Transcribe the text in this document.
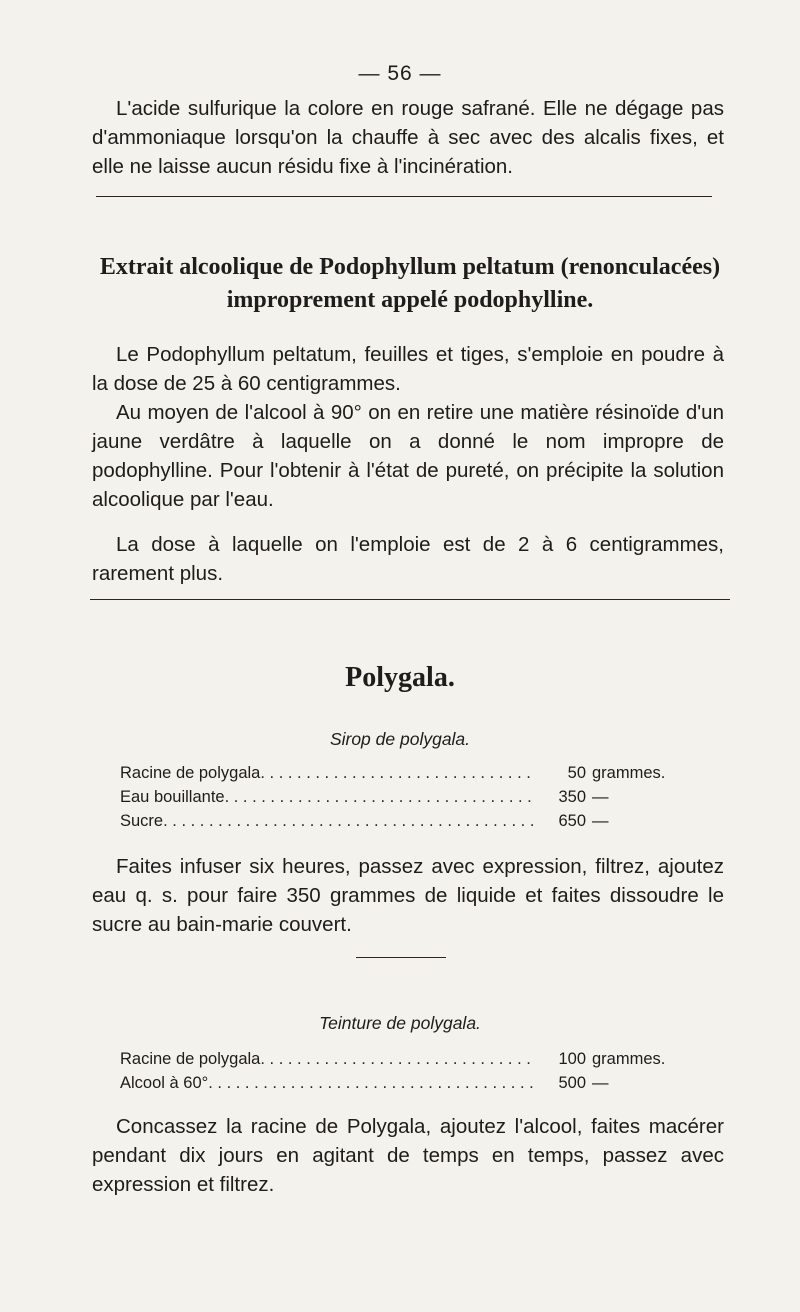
— 56 —
L'acide sulfurique la colore en rouge safrané. Elle ne dégage pas d'ammoniaque lorsqu'on la chauffe à sec avec des alcalis fixes, et elle ne laisse aucun résidu fixe à l'incinération.
Extrait alcoolique de Podophyllum peltatum (renonculacées)
improprement appelé podophylline.
Le Podophyllum peltatum, feuilles et tiges, s'emploie en poudre à la dose de 25 à 60 centigrammes.
Au moyen de l'alcool à 90° on en retire une matière résinoïde d'un jaune verdâtre à laquelle on a donné le nom impropre de podophylline. Pour l'obtenir à l'état de pureté, on précipite la solution alcoolique par l'eau.
La dose à laquelle on l'emploie est de 2 à 6 centigrammes, rarement plus.
Polygala.
Sirop de polygala.
Racine de polygala . . .	50 grammes.
Eau bouillante . . .	350 —
Sucre . . .	650 —
Faites infuser six heures, passez avec expression, filtrez, ajoutez eau q. s. pour faire 350 grammes de liquide et faites dissoudre le sucre au bain-marie couvert.
Teinture de polygala.
Racine de polygala . . .	100 grammes.
Alcool à 60° . . .	500 —
Concassez la racine de Polygala, ajoutez l'alcool, faites macérer pendant dix jours en agitant de temps en temps, passez avec expression et filtrez.
